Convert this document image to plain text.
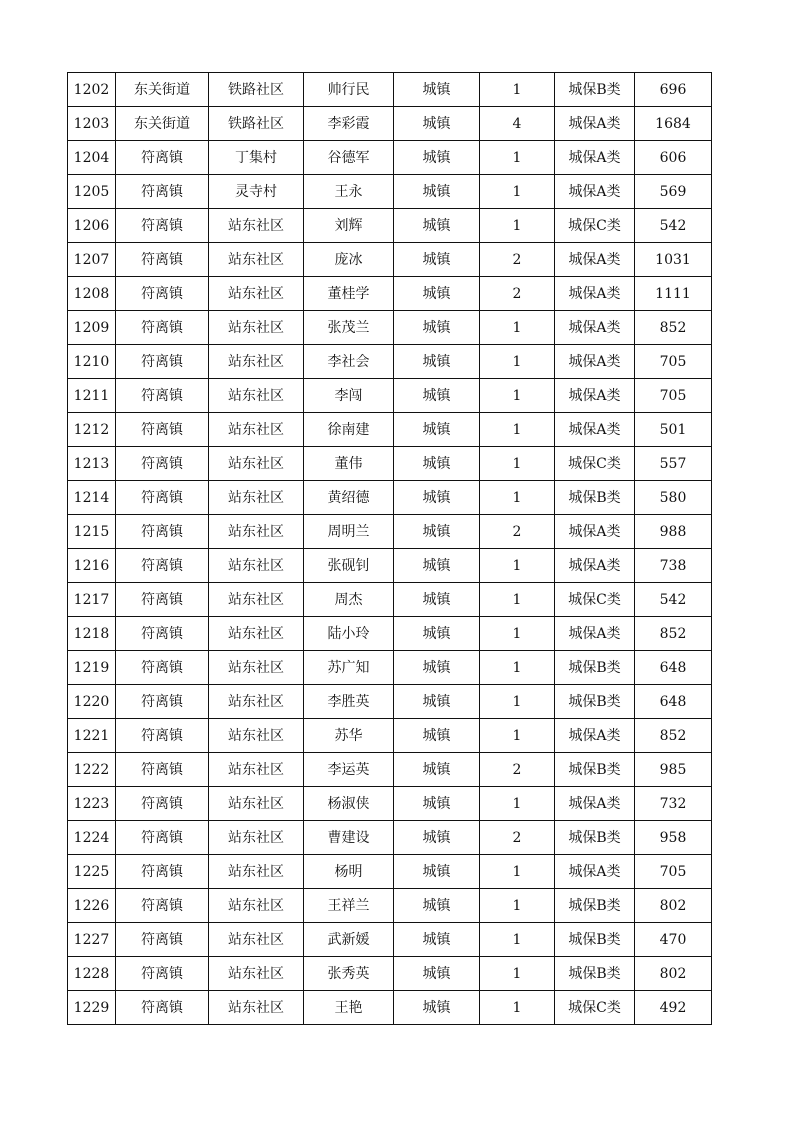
1202	东关街道	铁路社区	帅行民	城镇	1	城保B类	696
1203	东关街道	铁路社区	李彩霞	城镇	4	城保A类	1684
1204	符离镇	丁集村	谷德军	城镇	1	城保A类	606
1205	符离镇	灵寺村	王永	城镇	1	城保A类	569
1206	符离镇	站东社区	刘辉	城镇	1	城保C类	542
1207	符离镇	站东社区	庞冰	城镇	2	城保A类	1031
1208	符离镇	站东社区	董桂学	城镇	2	城保A类	1111
1209	符离镇	站东社区	张茂兰	城镇	1	城保A类	852
1210	符离镇	站东社区	李社会	城镇	1	城保A类	705
1211	符离镇	站东社区	李闯	城镇	1	城保A类	705
1212	符离镇	站东社区	徐南建	城镇	1	城保A类	501
1213	符离镇	站东社区	董伟	城镇	1	城保C类	557
1214	符离镇	站东社区	黄绍德	城镇	1	城保B类	580
1215	符离镇	站东社区	周明兰	城镇	2	城保A类	988
1216	符离镇	站东社区	张砚钊	城镇	1	城保A类	738
1217	符离镇	站东社区	周杰	城镇	1	城保C类	542
1218	符离镇	站东社区	陆小玲	城镇	1	城保A类	852
1219	符离镇	站东社区	苏广知	城镇	1	城保B类	648
1220	符离镇	站东社区	李胜英	城镇	1	城保B类	648
1221	符离镇	站东社区	苏华	城镇	1	城保A类	852
1222	符离镇	站东社区	李运英	城镇	2	城保B类	985
1223	符离镇	站东社区	杨淑侠	城镇	1	城保A类	732
1224	符离镇	站东社区	曹建设	城镇	2	城保B类	958
1225	符离镇	站东社区	杨明	城镇	1	城保A类	705
1226	符离镇	站东社区	王祥兰	城镇	1	城保B类	802
1227	符离镇	站东社区	武新媛	城镇	1	城保B类	470
1228	符离镇	站东社区	张秀英	城镇	1	城保B类	802
1229	符离镇	站东社区	王艳	城镇	1	城保C类	492
